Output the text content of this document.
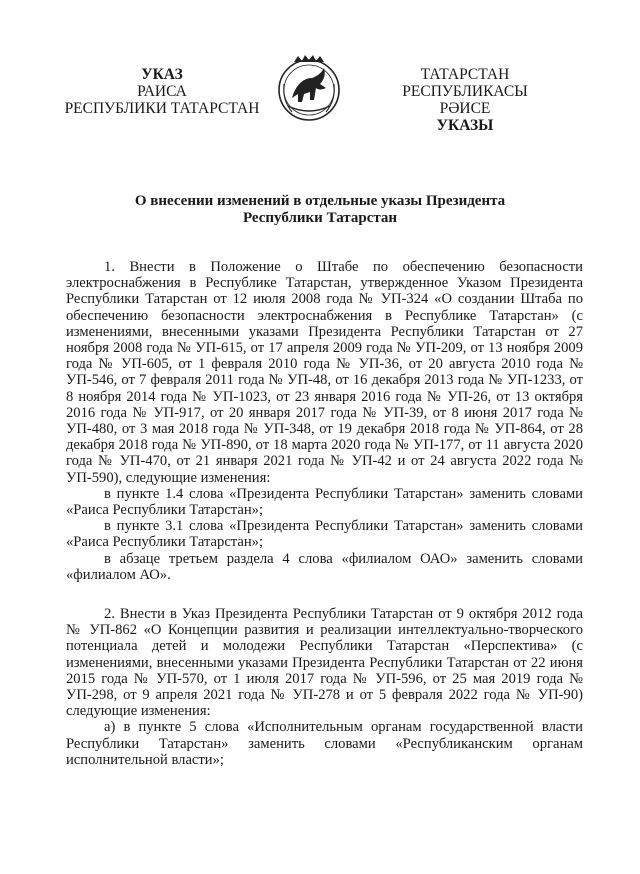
УКАЗ
РАИСА
РЕСПУБЛИКИ ТАТАРСТАН
ТАТАРСТАН РЕСПУБЛИКАСЫ
РӘИСЕ
УКАЗЫ
О внесении изменений в отдельные указы Президента
Республики Татарстан

1. Внести в Положение о Штабе по обеспечению безопасности электроснабжения в Республике Татарстан, утвержденное Указом Президента Республики Татарстан от 12 июля 2008 года № УП-324 «О создании Штаба по обеспечению безопасности электроснабжения в Республике Татарстан» (с изменениями, внесенными указами Президента Республики Татарстан от 27 ноября 2008 года № УП-615, от 17 апреля 2009 года № УП-209, от 13 ноября 2009 года № УП-605, от 1 февраля 2010 года № УП-36, от 20 августа 2010 года № УП-546, от 7 февраля 2011 года № УП-48, от 16 декабря 2013 года № УП-1233, от 8 ноября 2014 года № УП-1023, от 23 января 2016 года № УП-26, от 13 октября 2016 года № УП-917, от 20 января 2017 года № УП-39, от 8 июня 2017 года № УП-480, от 3 мая 2018 года № УП-348, от 19 декабря 2018 года № УП-864, от 28 декабря 2018 года № УП-890, от 18 марта 2020 года № УП-177, от 11 августа 2020 года № УП-470, от 21 января 2021 года № УП-42 и от 24 августа 2022 года № УП-590), следующие изменения:

в пункте 1.4 слова «Президента Республики Татарстан» заменить словами «Раиса Республики Татарстан»;

в пункте 3.1 слова «Президента Республики Татарстан» заменить словами «Раиса Республики Татарстан»;

в абзаце третьем раздела 4 слова «филиалом ОАО» заменить словами «филиалом АО».

2. Внести в Указ Президента Республики Татарстан от 9 октября 2012 года № УП-862 «О Концепции развития и реализации интеллектуально-творческого потенциала детей и молодежи Республики Татарстан «Перспектива» (с изменениями, внесенными указами Президента Республики Татарстан от 22 июня 2015 года № УП-570, от 1 июля 2017 года № УП-596, от 25 мая 2019 года № УП-298, от 9 апреля 2021 года № УП-278 и от 5 февраля 2022 года № УП-90) следующие изменения:

а) в пункте 5 слова «Исполнительным органам государственной власти Республики Татарстан» заменить словами «Республиканским органам исполнительной власти»;
